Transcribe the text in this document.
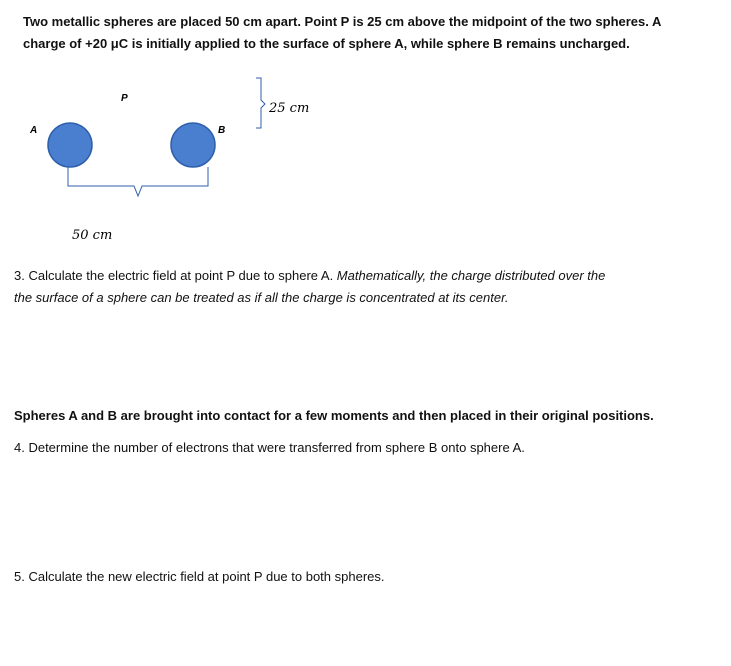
Two metallic spheres are placed 50 cm apart. Point P is 25 cm above the midpoint of the two spheres. A
charge of +20 μC is initially applied to the surface of sphere A, while sphere B remains uncharged.
P
A	B
25 cm
50 cm
3. Calculate the electric field at point P due to sphere A. Mathematically, the charge distributed over the
the surface of a sphere can be treated as if all the charge is concentrated at its center.
Spheres A and B are brought into contact for a few moments and then placed in their original positions.
4. Determine the number of electrons that were transferred from sphere B onto sphere A.
5. Calculate the new electric field at point P due to both spheres.
